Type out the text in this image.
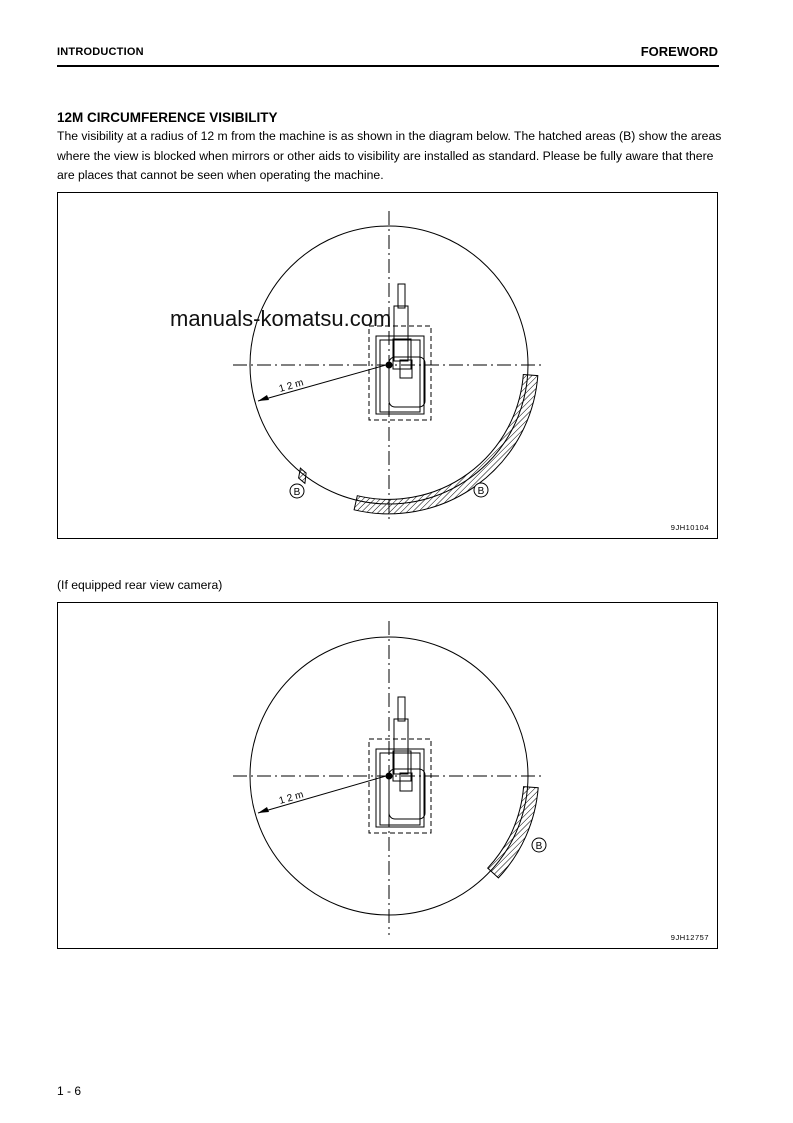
INTRODUCTION	FOREWORD
12M CIRCUMFERENCE VISIBILITY
The visibility at a radius of 12 m from the machine is as shown in the diagram below. The hatched areas (B) show the areas where the view is blocked when mirrors or other aids to visibility are installed as standard. Please be fully aware that there are places that cannot be seen when operating the machine.
1 2 m
B	B
9JH10104
(If equipped rear view camera)
1 2 m
B
9JH12757
manuals-komatsu.com
1 - 6
